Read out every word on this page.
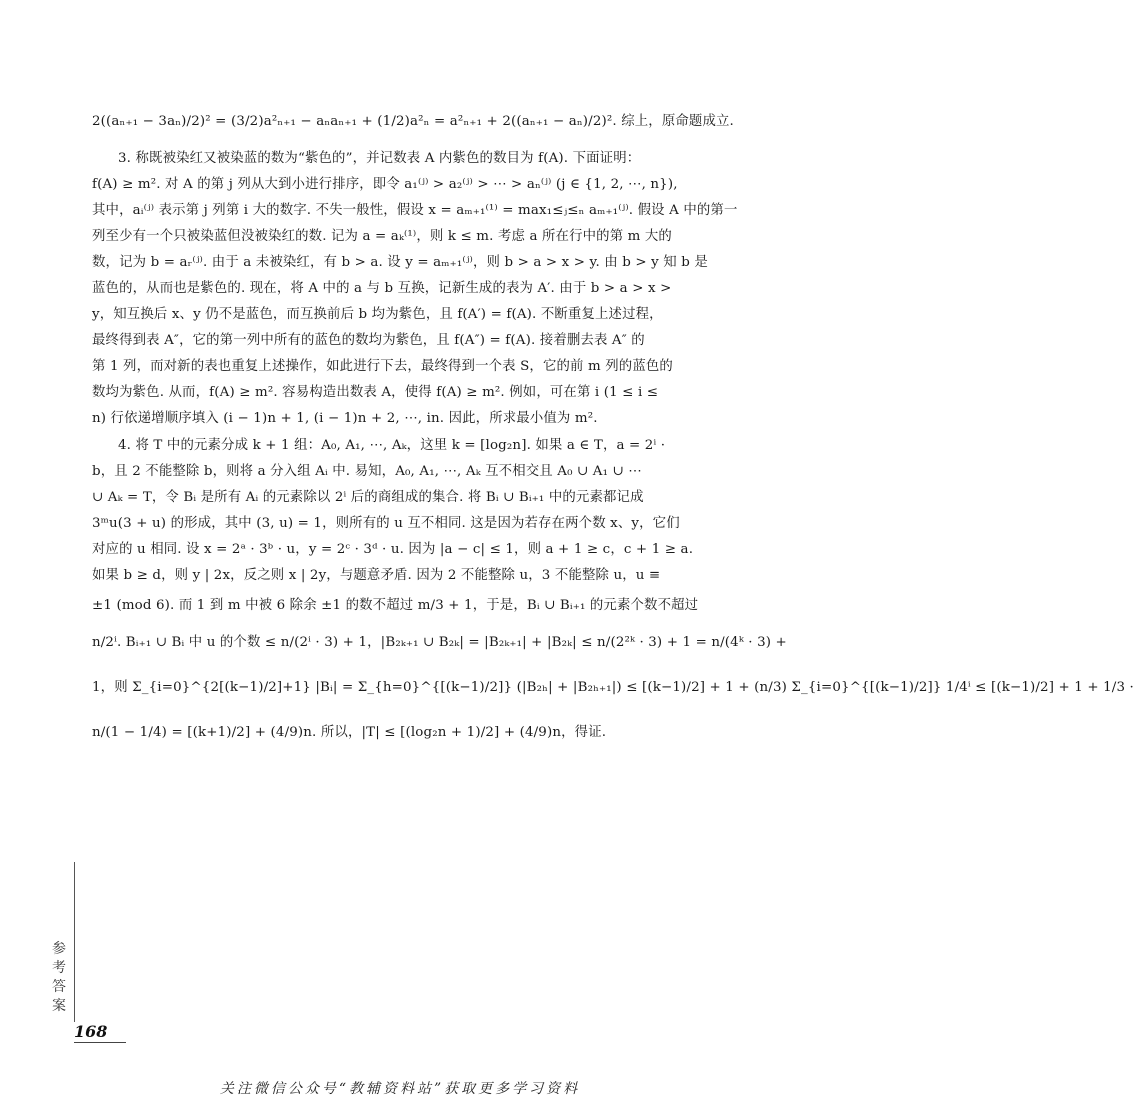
2((aₙ₊₁ − 3aₙ)/2)² = (3/2)a²ₙ₊₁ − aₙaₙ₊₁ + (1/2)a²ₙ = a²ₙ₊₁ + 2((aₙ₊₁ − aₙ)/2)². 综上，原命题成立.
3. 称既被染红又被染蓝的数为“紫色的”，并记数表 A 内紫色的数目为 f(A). 下面证明：
f(A) ≥ m². 对 A 的第 j 列从大到小进行排序，即令 a₁⁽ʲ⁾ > a₂⁽ʲ⁾ > ⋯ > aₙ⁽ʲ⁾ (j ∈ {1, 2, ⋯, n}),
其中，aᵢ⁽ʲ⁾ 表示第 j 列第 i 大的数字. 不失一般性，假设 x = aₘ₊₁⁽¹⁾ = max₁≤ⱼ≤ₙ aₘ₊₁⁽ʲ⁾. 假设 A 中的第一
列至少有一个只被染蓝但没被染红的数. 记为 a = aₖ⁽¹⁾，则 k ≤ m. 考虑 a 所在行中的第 m 大的
数，记为 b = aᵣ⁽ʲ⁾. 由于 a 未被染红，有 b > a. 设 y = aₘ₊₁⁽ʲ⁾，则 b > a > x > y. 由 b > y 知 b 是
蓝色的，从而也是紫色的. 现在，将 A 中的 a 与 b 互换，记新生成的表为 A′. 由于 b > a > x >
y，知互换后 x、y 仍不是蓝色，而互换前后 b 均为紫色，且 f(A′) = f(A). 不断重复上述过程，
最终得到表 A″，它的第一列中所有的蓝色的数均为紫色，且 f(A″) = f(A). 接着删去表 A″ 的
第 1 列，而对新的表也重复上述操作，如此进行下去，最终得到一个表 S，它的前 m 列的蓝色的
数均为紫色. 从而，f(A) ≥ m². 容易构造出数表 A，使得 f(A) ≥ m². 例如，可在第 i (1 ≤ i ≤
n) 行依递增顺序填入 (i − 1)n + 1, (i − 1)n + 2, ⋯, in. 因此，所求最小值为 m².
4. 将 T 中的元素分成 k + 1 组：A₀, A₁, ⋯, Aₖ，这里 k = [log₂n]. 如果 a ∈ T，a = 2ⁱ ·
b，且 2 不能整除 b，则将 a 分入组 Aᵢ 中. 易知，A₀, A₁, ⋯, Aₖ 互不相交且 A₀ ∪ A₁ ∪ ⋯
∪ Aₖ = T，令 Bᵢ 是所有 Aᵢ 的元素除以 2ⁱ 后的商组成的集合. 将 Bᵢ ∪ Bᵢ₊₁ 中的元素都记成
3ᵐu(3 + u) 的形成，其中 (3, u) = 1，则所有的 u 互不相同. 这是因为若存在两个数 x、y，它们
对应的 u 相同. 设 x = 2ᵃ · 3ᵇ · u，y = 2ᶜ · 3ᵈ · u. 因为 |a − c| ≤ 1，则 a + 1 ≥ c，c + 1 ≥ a.
如果 b ≥ d，则 y | 2x，反之则 x | 2y，与题意矛盾. 因为 2 不能整除 u，3 不能整除 u，u ≡
±1 (mod 6). 而 1 到 m 中被 6 除余 ±1 的数不超过 m/3 + 1，于是，Bᵢ ∪ Bᵢ₊₁ 的元素个数不超过
n/2ⁱ. Bᵢ₊₁ ∪ Bᵢ 中 u 的个数 ≤ n/(2ⁱ · 3) + 1，|B₂ₖ₊₁ ∪ B₂ₖ| = |B₂ₖ₊₁| + |B₂ₖ| ≤ n/(2²ᵏ · 3) + 1 = n/(4ᵏ · 3) +
1，则 Σ_{i=0}^{2[(k−1)/2]+1} |Bᵢ| = Σ_{h=0}^{[(k−1)/2]} (|B₂ₕ| + |B₂ₕ₊₁|) ≤ [(k−1)/2] + 1 + (n/3) Σ_{i=0}^{[(k−1)/2]} 1/4ⁱ ≤ [(k−1)/2] + 1 + 1/3 ·
n/(1 − 1/4) = [(k+1)/2] + (4/9)n. 所以，|T| ≤ [(log₂n + 1)/2] + (4/9)n，得证.
参考答案
168
关注微信公众号“教辅资料站”获取更多学习资料
